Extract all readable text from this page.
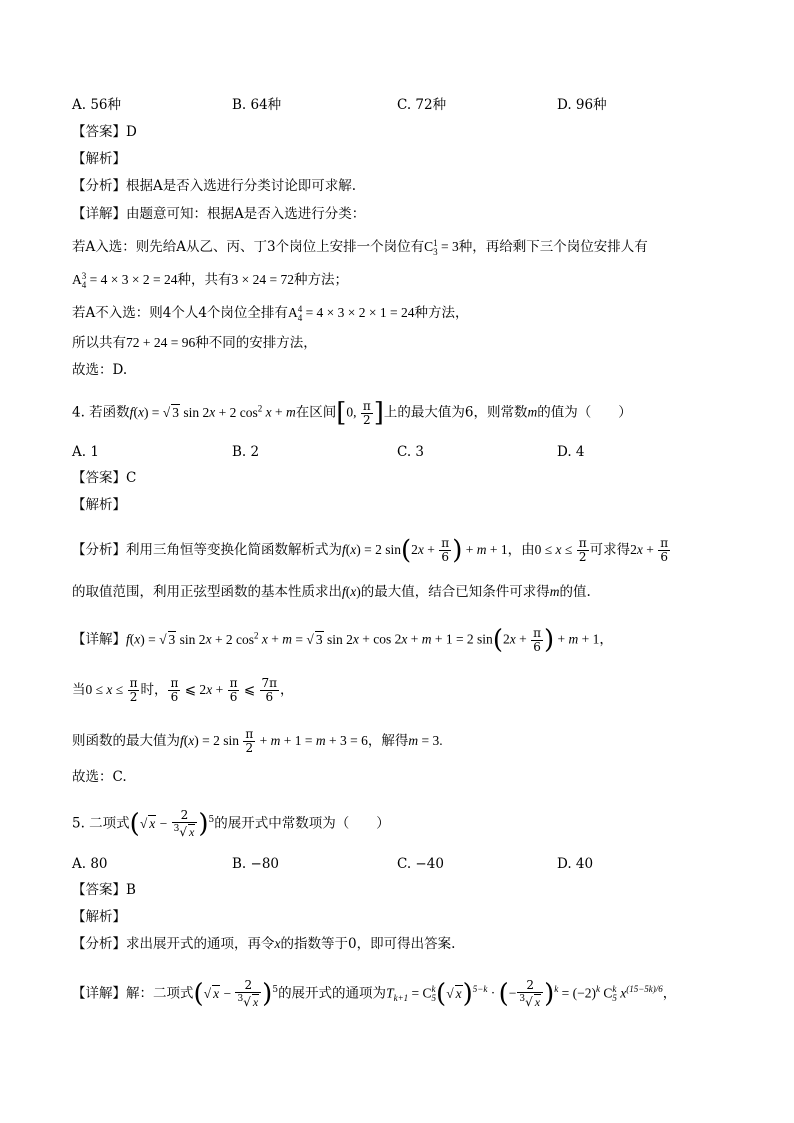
A. 56种	B. 64种	C. 72种	D. 96种
【答案】D
【解析】
【分析】根据A是否入选进行分类讨论即可求解.
【详解】由题意可知：根据A是否入选进行分类：
若A入选：则先给A从乙、丙、丁3个岗位上安排一个岗位有C1
3 = 3种，再给剩下三个岗位安排人有
A3
4 = 4 × 3 × 2 = 24种，共有3 × 24 = 72种方法；
若A不入选：则4个人4个岗位全排有A4
4 = 4 × 3 × 2 × 1 = 24种方法，
所以共有72 + 24 = 96种不同的安排方法，
故选：D.
4. 若函数f(x) = √ 3 sin 2x + 2 $\cos^2 x + m$在区间[0, $\frac{\pi}{2}$ ]上的最大值为6，则常数m的值为（　　）
A. 1	B. 2	C. 3	D. 4
【答案】C
【解析】
【分析】利用三角恒等变换化简函数解析式为f(x) = 2 $\sin(2x + \frac{\pi}{6}$ ) + m + 1，由$0 \le x \le \frac{\pi}{2}$ 可求得$2x + \frac{\pi}{6}$
的取值范围，利用正弦型函数的基本性质求出f(x)的最大值，结合已知条件可求得m的值.
【详解】f(x) = √ 3 sin 2x + 2 $\cos^2 x + m$ = √ 3 sin 2x + cos 2x + m + 1 = 2 $\sin(2x + \frac{\pi}{6}$ ) + m + 1，
当$0 \le x \le \frac{\pi}{2}$ 时， $\frac{\pi}{6}$ ⩽ $2x + \frac{\pi}{6}$ ⩽ $\frac{7\pi}{6}$ ，
则函数的最大值为f(x) = 2 $\sin \frac{\pi}{2} + m + 1 = m + 3 = 6$，解得m = 3.
故选：C.
5. 二项式(√ $x - \frac{2}{^3√ x} )^5$的展开式中常数项为（　　）
A. 80	B. −80	C. −40	D. 40
【答案】B
【解析】
【分析】求出展开式的通项，再令x的指数等于0，即可得出答案.
【详解】解：二项式(√ $x - \frac{2}{^3√ x} )^5$的展开式的通项为$T_{k+1} = Ck$
5(√ x)$^{5-k}$ · (− $\frac{2}{^3√ x} )^k = (-2)^k$ Ck
5 $x^{(15-5k)/6}$，
